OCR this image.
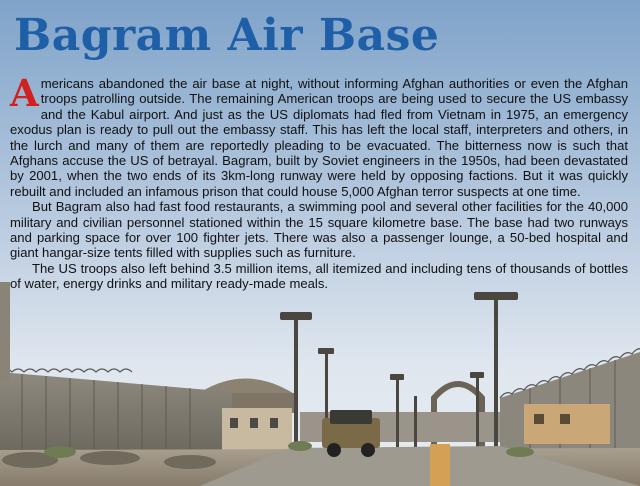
Bagram Air Base

Americans abandoned the air base at night, without informing Afghan authorities or even the Afghan troops patrolling outside. The remaining American troops are being used to secure the US embassy and the Kabul airport. And just as the US diplomats had fled from Vietnam in 1975, an emergency exodus plan is ready to pull out the embassy staff. This has left the local staff, interpreters and others, in the lurch and many of them are reportedly pleading to be evacuated. The bitterness now is such that Afghans accuse the US of betrayal. Bagram, built by Soviet engineers in the 1950s, had been devastated by 2001, when the two ends of its 3km-long runway were held by opposing factions. But it was quickly rebuilt and included an infamous prison that could house 5,000 Afghan terror suspects at one time.

But Bagram also had fast food restaurants, a swimming pool and several other facilities for the 40,000 military and civilian personnel stationed within the 15 square kilometre base. The base had two runways and parking space for over 100 fighter jets. There was also a passenger lounge, a 50-bed hospital and giant hangar-size tents filled with supplies such as furniture.

The US troops also left behind 3.5 million items, all itemized and including tens of thousands of bottles of water, energy drinks and military ready-made meals.
